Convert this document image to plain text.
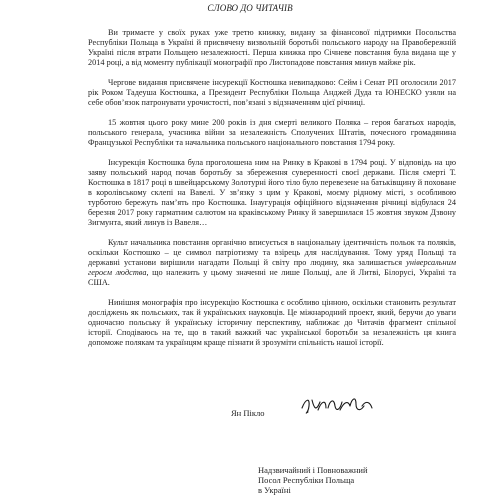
СЛОВО ДО ЧИТАЧІВ

Ви тримаєте у своїх руках уже третю книжку, видану за фінансової підтримки Посольства Республіки Польща в Україні й присвячену визвольній боротьбі польського народу на Правобережній Україні після втрати Польщею незалежності. Перша книжка про Січневе повстання була видана ще у 2014 році, а від моменту публікації монографії про Листопадове повстання минув майже рік.

Чергове видання присвячене інсурекції Костюшка невипадково: Сейм і Сенат РП оголосили 2017 рік Роком Тадеуша Костюшка, а Президент Республіки Польща Анджей Дуда та ЮНЕСКО узяли на себе обов’язок патронувати урочистості, пов’язані з відзначенням цієї річниці.

15 жовтня цього року мине 200 років із дня смерті великого Поляка – героя багатьох народів, польського генерала, учасника війни за незалежність Сполучених Штатів, почесного громадянина Французької Республіки та начальника польського національного повстання 1794 року.

Інсурекція Костюшка була проголошена ним на Ринку в Кракові в 1794 році. У відповідь на цю заяву польський народ почав боротьбу за збереження суверенності своєї держави. Після смерті Т. Костюшка в 1817 році в швейцарському Золотурні його тіло було перевезене на батьківщину й поховане в королівському склепі на Вавелі. У зв’язку з цим у Кракові, моєму рідному місті, з особливою турботою бережуть пам’ять про Костюшка. Інаугурація офіційного відзначення річниці відбулася 24 березня 2017 року гарматним салютом на краківському Ринку й завершилася 15 жовтня звуком Дзвону Зигмунта, який линув із Вавеля…

Культ начальника повстання органічно вписується в національну ідентичність польок та поляків, оскільки Костюшко – це символ патріотизму та взірець для наслідування. Тому уряд Польщі та державні установи вирішили нагадати Польщі й світу про людину, яка залишається універсальним героєм людства, що належить у цьому значенні не лише Польщі, але й Литві, Білорусі, Україні та США.

Нинішня монографія про інсурекцію Костюшка є особливо цінною, оскільки становить результат досліджень як польських, так й українських науковців. Це міжнародний проект, який, беручи до уваги одночасно польську й українську історичну перспективу, наближає до Читачів фрагмент спільної історії. Сподіваюсь на те, що в такий важкий час української боротьби за незалежність ця книга допоможе полякам та українцям краще пізнати й зрозуміти спільність нашої історії.

Ян Піклo
Надзвичайний і Повноважний
Посол Республіки Польща
в Україні
